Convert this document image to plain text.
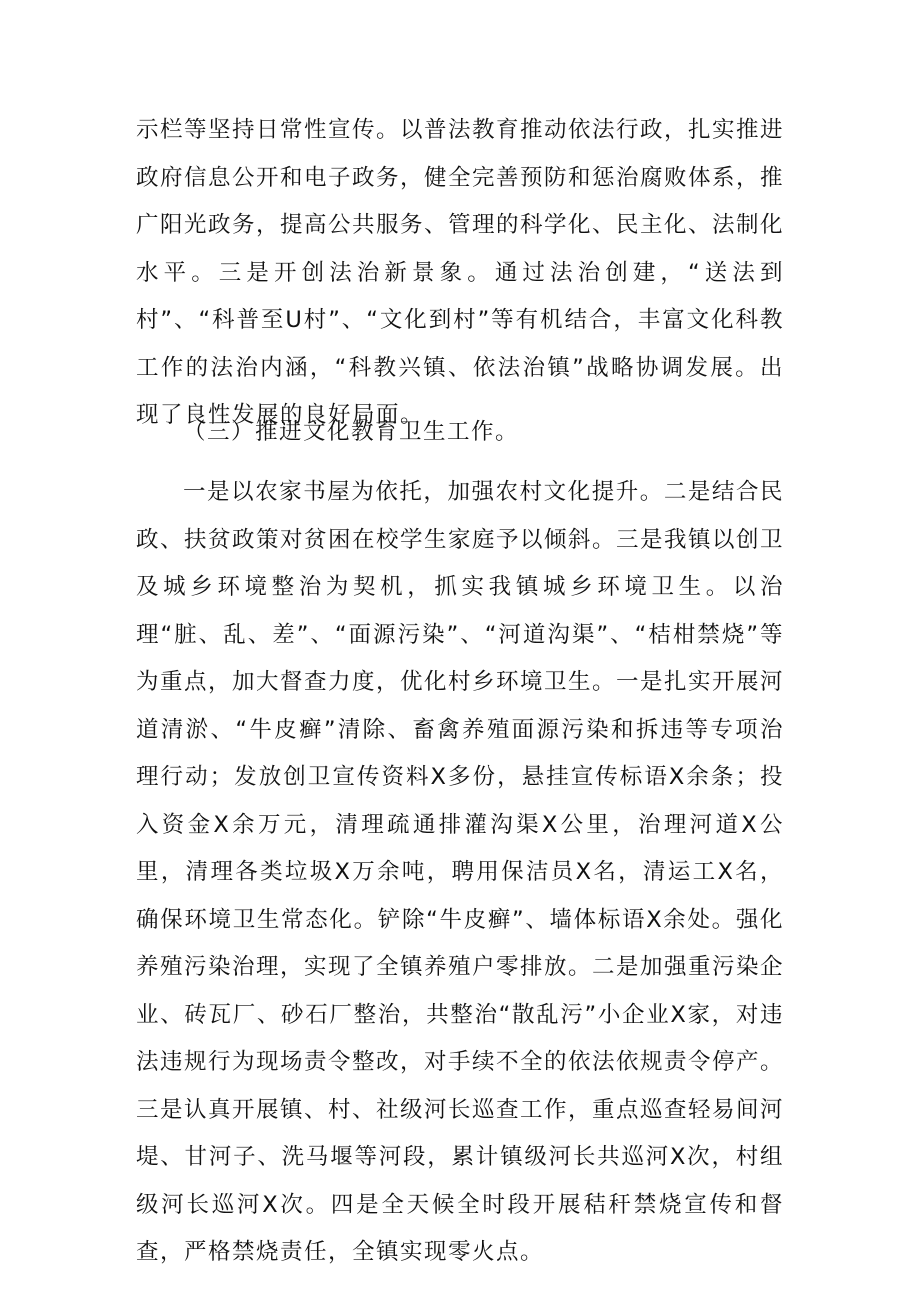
示栏等坚持日常性宣传。以普法教育推动依法行政，扎实推进政府信息公开和电子政务，健全完善预防和惩治腐败体系，推广阳光政务，提高公共服务、管理的科学化、民主化、法制化水平。三是开创法治新景象。通过法治创建，“送法到村”、“科普至U村”、“文化到村”等有机结合，丰富文化科教工作的法治内涵，“科教兴镇、依法治镇”战略协调发展。出现了良性发展的良好局面。

（三）推进文化教育卫生工作。

一是以农家书屋为依托，加强农村文化提升。二是结合民政、扶贫政策对贫困在校学生家庭予以倾斜。三是我镇以创卫及城乡环境整治为契机，抓实我镇城乡环境卫生。以治理“脏、乱、差”、“面源污染”、“河道沟渠”、“桔柑禁烧”等为重点，加大督查力度，优化村乡环境卫生。一是扎实开展河道清淤、“牛皮癣”清除、畜禽养殖面源污染和拆违等专项治理行动；发放创卫宣传资料X多份，悬挂宣传标语X余条；投入资金X余万元，清理疏通排灌沟渠X公里，治理河道X公里，清理各类垃圾X万余吨，聘用保洁员X名，清运工X名，确保环境卫生常态化。铲除“牛皮癣”、墙体标语X余处。强化养殖污染治理，实现了全镇养殖户零排放。二是加强重污染企业、砖瓦厂、砂石厂整治，共整治“散乱污”小企业X家，对违法违规行为现场责令整改，对手续不全的依法依规责令停产。三是认真开展镇、村、社级河长巡查工作，重点巡查轻易间河堤、甘河子、洗马堰等河段，累计镇级河长共巡河X次，村组级河长巡河X次。四是全天候全时段开展秸秆禁烧宣传和督查，严格禁烧责任，全镇实现零火点。
